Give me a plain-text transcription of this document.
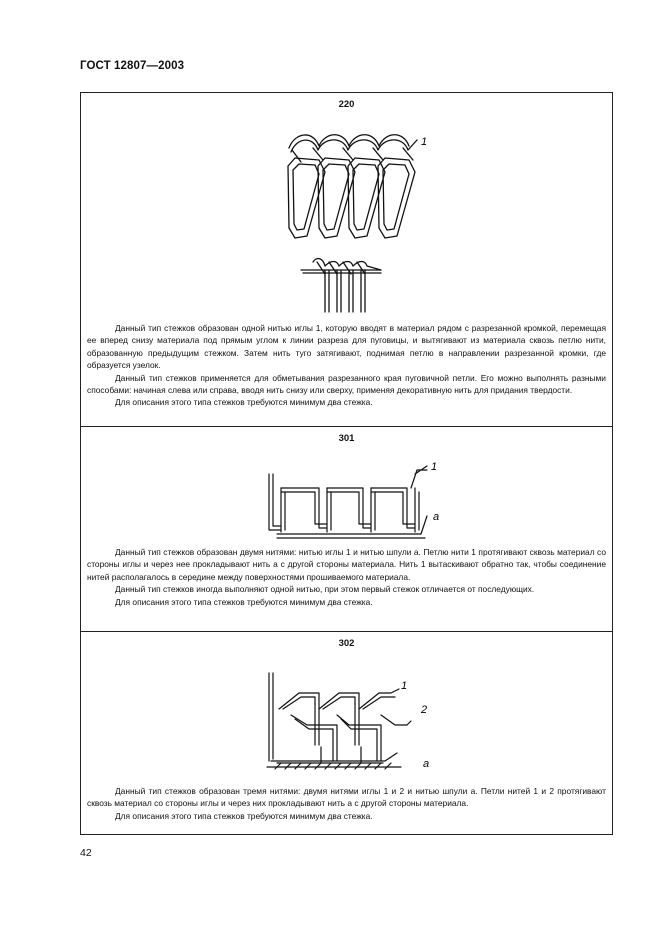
ГОСТ 12807—2003
220
1

Данный тип стежков образован одной нитью иглы 1, которую вводят в материал рядом с разрезанной кромкой, перемещая ее вперед снизу материала под прямым углом к линии разреза для пуговицы, и вытягивают из материала сквозь петлю нити, образованную предыдущим стежком. Затем нить туго затягивают, поднимая петлю в направлении разрезанной кромки, где образуется узелок.

Данный тип стежков применяется для обметывания разрезанного края пуговичной петли. Его можно выполнять разными способами: начиная слева или справа, вводя нить снизу или сверху, применяя декоративную нить для придания твердости.

Для описания этого типа стежков требуются минимум два стежка.

301
1
a

Данный тип стежков образован двумя нитями: нитью иглы 1 и нитью шпули a. Петлю нити 1 протягивают сквозь материал со стороны иглы и через нее прокладывают нить a с другой стороны материала. Нить 1 вытаскивают обратно так, чтобы соединение нитей располагалось в середине между поверхностями прошиваемого материала.

Данный тип стежков иногда выполняют одной нитью, при этом первый стежок отличается от последующих.

Для описания этого типа стежков требуются минимум два стежка.

302
1
2
a

Данный тип стежков образован тремя нитями: двумя нитями иглы 1 и 2 и нитью шпули a. Петли нитей 1 и 2 протягивают сквозь материал со стороны иглы и через них прокладывают нить a с другой стороны материала.

Для описания этого типа стежков требуются минимум два стежка.

42
